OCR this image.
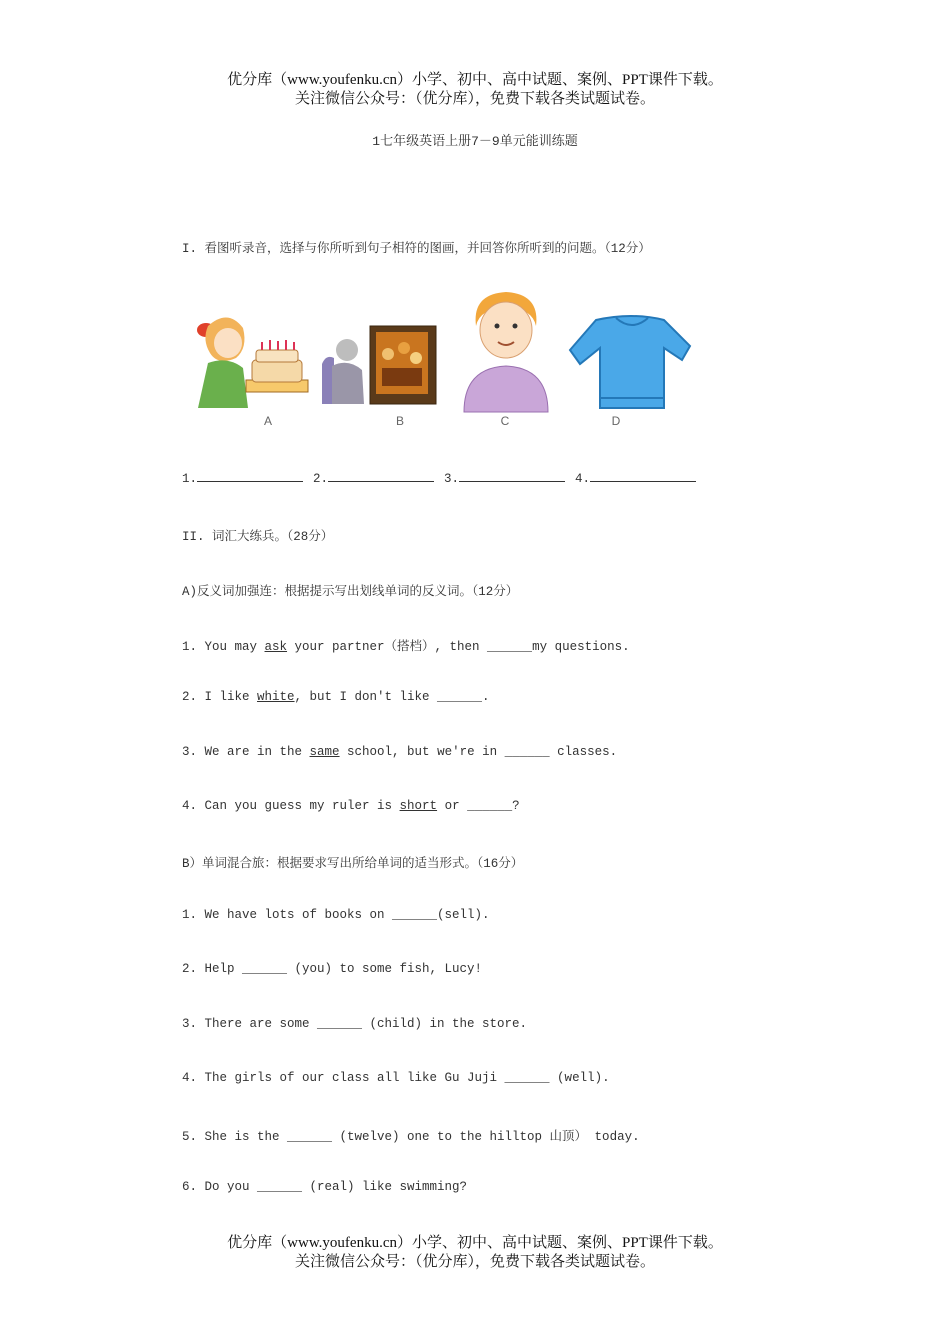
优分库（www.youfenku.cn）小学、初中、高中试题、案例、PPT课件下载。
关注微信公众号：（优分库），免费下载各类试题试卷。
1七年级英语上册7－9单元能训练题
I. 看图听录音，选择与你所听到句子相符的图画，并回答你所听到的问题。（12分）
A	B	C	D
1.	2.	3.	4.
II. 词汇大练兵。（28分）
A)反义词加强连：根据提示写出划线单词的反义词。（12分）
1. You may ask your partner（搭档）, then ______my questions.
2. I like white, but I don't like ______.
3. We are in the same school, but we're in ______ classes.
4. Can you guess my ruler is short or ______?
B）单词混合旅：根据要求写出所给单词的适当形式。（16分）
1. We have lots of books on ______(sell).
2. Help ______ (you) to some fish, Lucy!
3. There are some ______ (child) in the store.
4. The girls of our class all like Gu Juji ______ (well).
5. She is the ______ (twelve) one to the hilltop 山顶） today.
6. Do you ______ (real) like swimming?
优分库（www.youfenku.cn）小学、初中、高中试题、案例、PPT课件下载。
关注微信公众号：（优分库），免费下载各类试题试卷。
